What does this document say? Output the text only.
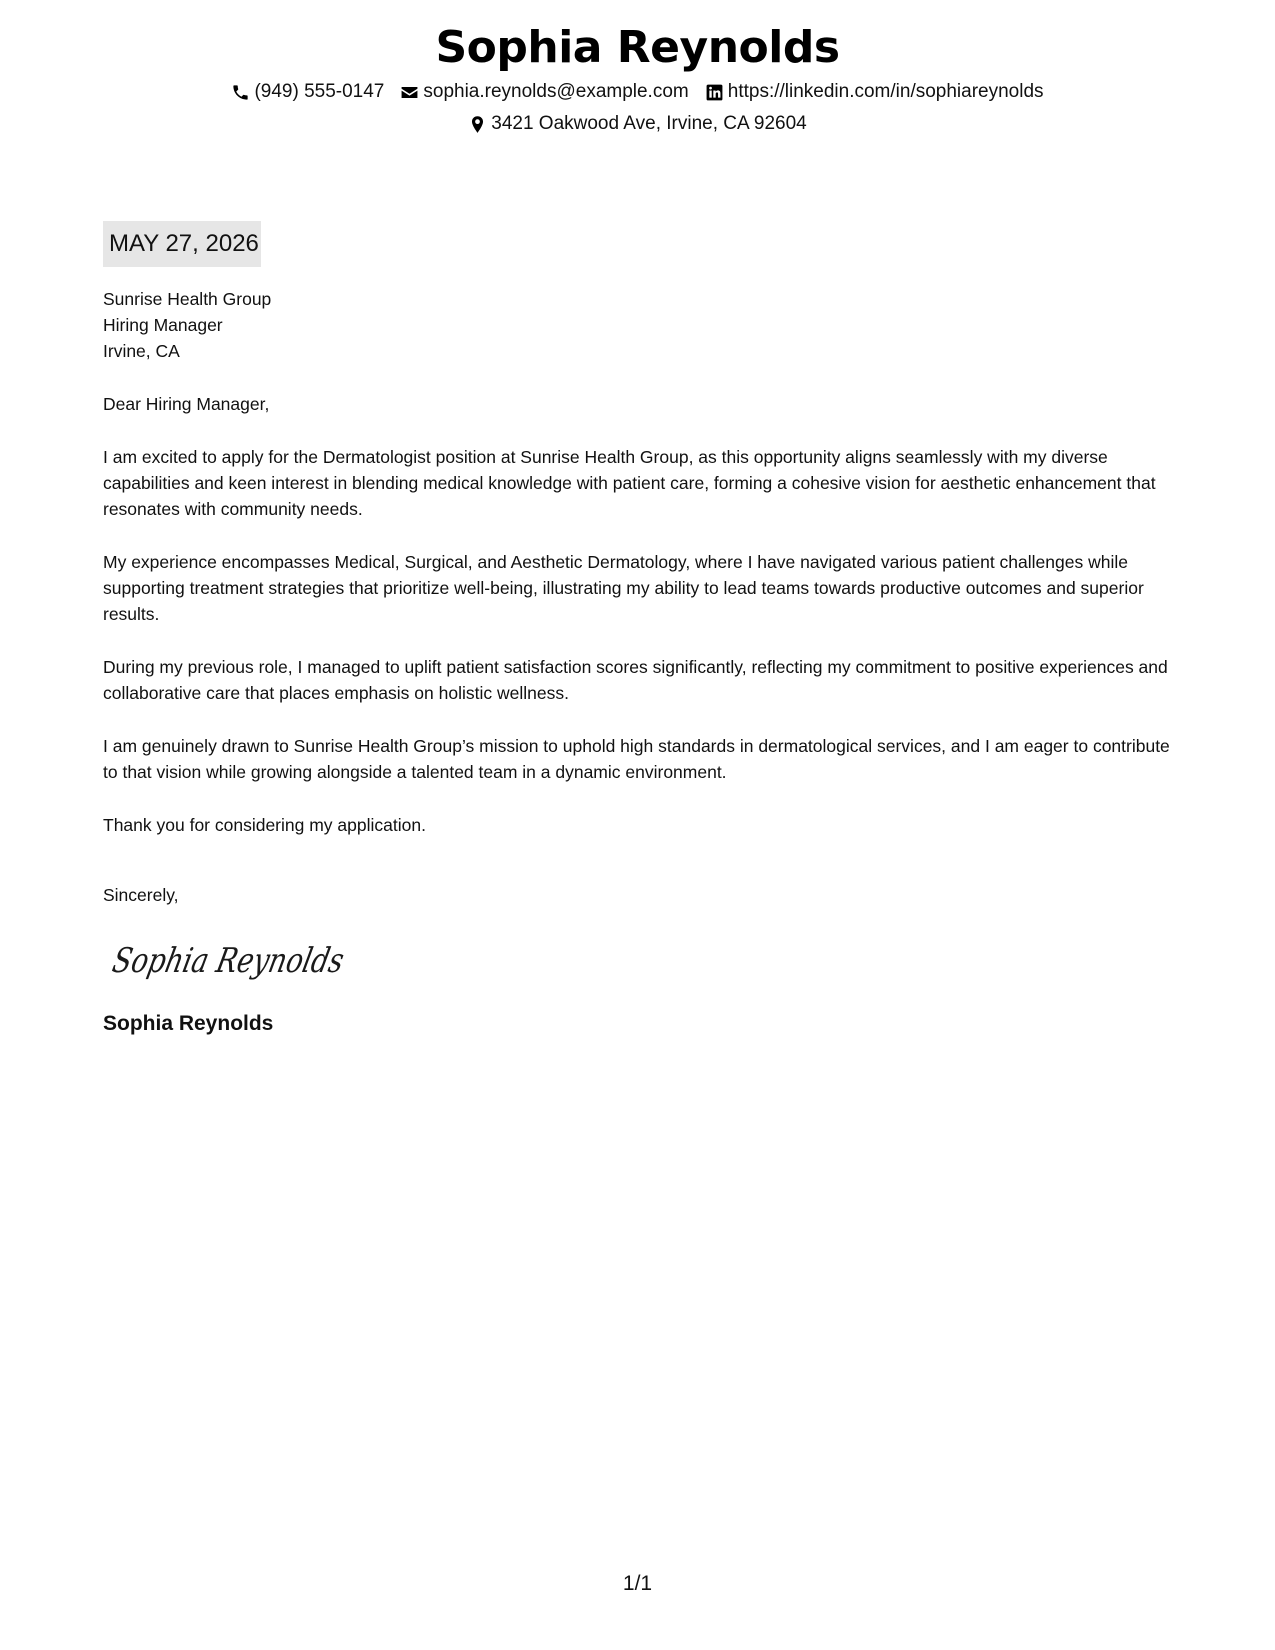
Sophia Reynolds
(949) 555-0147 sophia.reynolds@example.com https://linkedin.com/in/sophiareynolds
3421 Oakwood Ave, Irvine, CA 92604
MAY 27, 2026
Sunrise Health Group
Hiring Manager
Irvine, CA
Dear Hiring Manager,
I am excited to apply for the Dermatologist position at Sunrise Health Group, as this opportunity aligns seamlessly with my diverse capabilities and keen interest in blending medical knowledge with patient care, forming a cohesive vision for aesthetic enhancement that resonates with community needs.
My experience encompasses Medical, Surgical, and Aesthetic Dermatology, where I have navigated various patient challenges while supporting treatment strategies that prioritize well-being, illustrating my ability to lead teams towards productive outcomes and superior results.
During my previous role, I managed to uplift patient satisfaction scores significantly, reflecting my commitment to positive experiences and collaborative care that places emphasis on holistic wellness.
I am genuinely drawn to Sunrise Health Group’s mission to uphold high standards in dermatological services, and I am eager to contribute to that vision while growing alongside a talented team in a dynamic environment.
Thank you for considering my application.
Sincerely,
Sophia Reynolds
Sophia Reynolds
1/1
